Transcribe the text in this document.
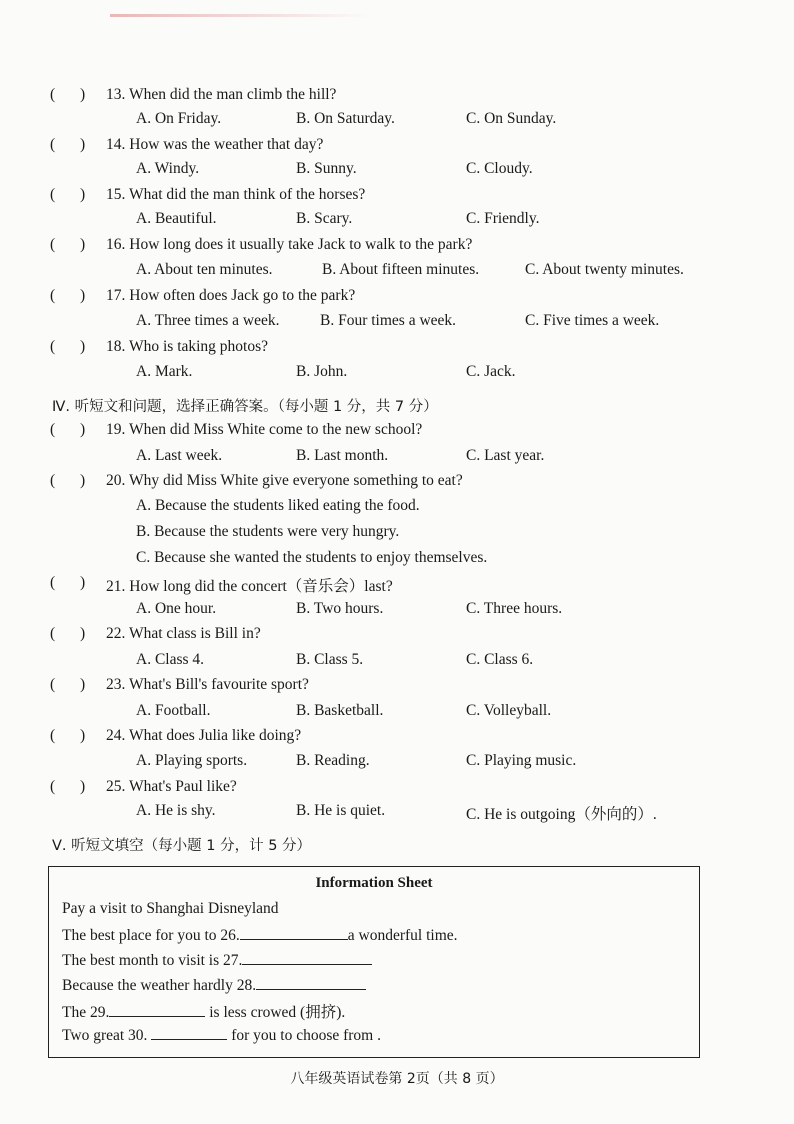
( ) 13. When did the man climb the hill?
A. On Friday.	B. On Saturday.	C. On Sunday.
( ) 14. How was the weather that day?
A. Windy.	B. Sunny.	C. Cloudy.
( ) 15. What did the man think of the horses?
A. Beautiful.	B. Scary.	C. Friendly.
( ) 16. How long does it usually take Jack to walk to the park?
A. About ten minutes.	B. About fifteen minutes.	C. About twenty minutes.
( ) 17. How often does Jack go to the park?
A. Three times a week.	B. Four times a week.	C. Five times a week.
( ) 18. Who is taking photos?
A. Mark.	B. John.	C. Jack.
( ) 19. When did Miss White come to the new school?
A. Last week.	B. Last month.	C. Last year.
( ) 20. Why did Miss White give everyone something to eat?
A. Because the students liked eating the food.
B. Because the students were very hungry.
C. Because she wanted the students to enjoy themselves.
( ) 21. How long did the concert（音乐会）last?
A. One hour.	B. Two hours.	C. Three hours.
( ) 22. What class is Bill in?
A. Class 4.	B. Class 5.	C. Class 6.
( ) 23. What's Bill's favourite sport?
A. Football.	B. Basketball.	C. Volleyball.
( ) 24. What does Julia like doing?
A. Playing sports.	B. Reading.	C. Playing music.
( ) 25. What's Paul like?
A. He is shy.	B. He is quiet.	C. He is outgoing（外向的）.
Ⅳ. 听短文和问题，选择正确答案。（每小题 1 分，共 7 分）
Ⅴ. 听短文填空（每小题 1 分，计 5 分）
Information Sheet
Pay a visit to Shanghai Disneyland
The best place for you to 26.	a wonderful time.
The best month to visit is 27.
Because the weather hardly 28.
The 29.	is less crowed (拥挤).
Two great 30.	for you to choose from .
八年级英语试卷第 2页（共 8 页）
